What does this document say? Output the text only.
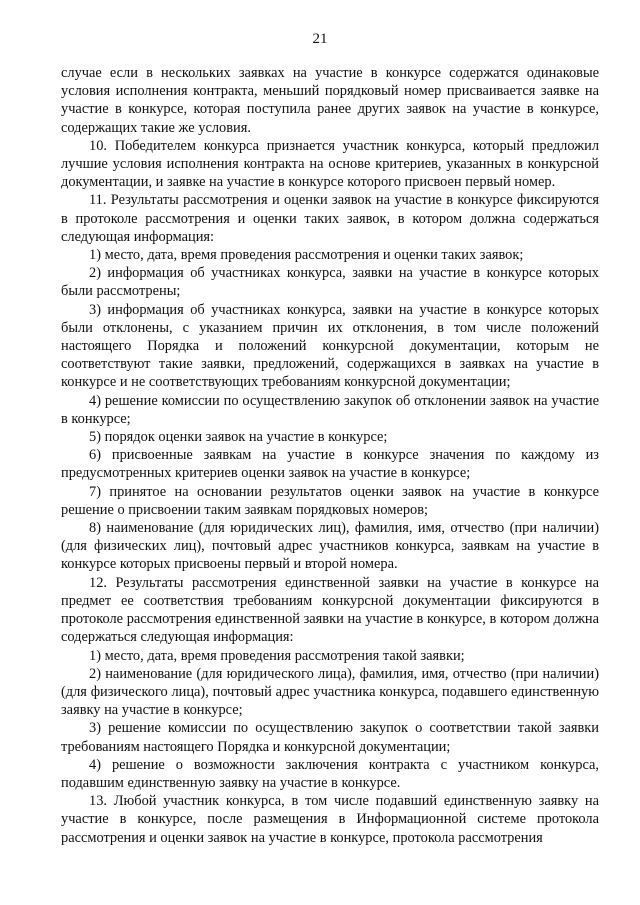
21

случае если в нескольких заявках на участие в конкурсе содержатся одинаковые условия исполнения контракта, меньший порядковый номер присваивается заявке на участие в конкурсе, которая поступила ранее других заявок на участие в конкурсе, содержащих такие же условия.

10. Победителем конкурса признается участник конкурса, который предложил лучшие условия исполнения контракта на основе критериев, указанных в конкурсной документации, и заявке на участие в конкурсе которого присвоен первый номер.

11. Результаты рассмотрения и оценки заявок на участие в конкурсе фиксируются в протоколе рассмотрения и оценки таких заявок, в котором должна содержаться следующая информация:

1) место, дата, время проведения рассмотрения и оценки таких заявок;

2) информация об участниках конкурса, заявки на участие в конкурсе которых были рассмотрены;

3) информация об участниках конкурса, заявки на участие в конкурсе которых были отклонены, с указанием причин их отклонения, в том числе положений настоящего Порядка и положений конкурсной документации, которым не соответствуют такие заявки, предложений, содержащихся в заявках на участие в конкурсе и не соответствующих требованиям конкурсной документации;

4) решение комиссии по осуществлению закупок об отклонении заявок на участие в конкурсе;

5) порядок оценки заявок на участие в конкурсе;

6) присвоенные заявкам на участие в конкурсе значения по каждому из предусмотренных критериев оценки заявок на участие в конкурсе;

7) принятое на основании результатов оценки заявок на участие в конкурсе решение о присвоении таким заявкам порядковых номеров;

8) наименование (для юридических лиц), фамилия, имя, отчество (при наличии) (для физических лиц), почтовый адрес участников конкурса, заявкам на участие в конкурсе которых присвоены первый и второй номера.

12. Результаты рассмотрения единственной заявки на участие в конкурсе на предмет ее соответствия требованиям конкурсной документации фиксируются в протоколе рассмотрения единственной заявки на участие в конкурсе, в котором должна содержаться следующая информация:

1) место, дата, время проведения рассмотрения такой заявки;

2) наименование (для юридического лица), фамилия, имя, отчество (при наличии) (для физического лица), почтовый адрес участника конкурса, подавшего единственную заявку на участие в конкурсе;

3) решение комиссии по осуществлению закупок о соответствии такой заявки требованиям настоящего Порядка и конкурсной документации;

4) решение о возможности заключения контракта с участником конкурса, подавшим единственную заявку на участие в конкурсе.

13. Любой участник конкурса, в том числе подавший единственную заявку на участие в конкурсе, после размещения в Информационной системе протокола рассмотрения и оценки заявок на участие в конкурсе, протокола рассмотрения
